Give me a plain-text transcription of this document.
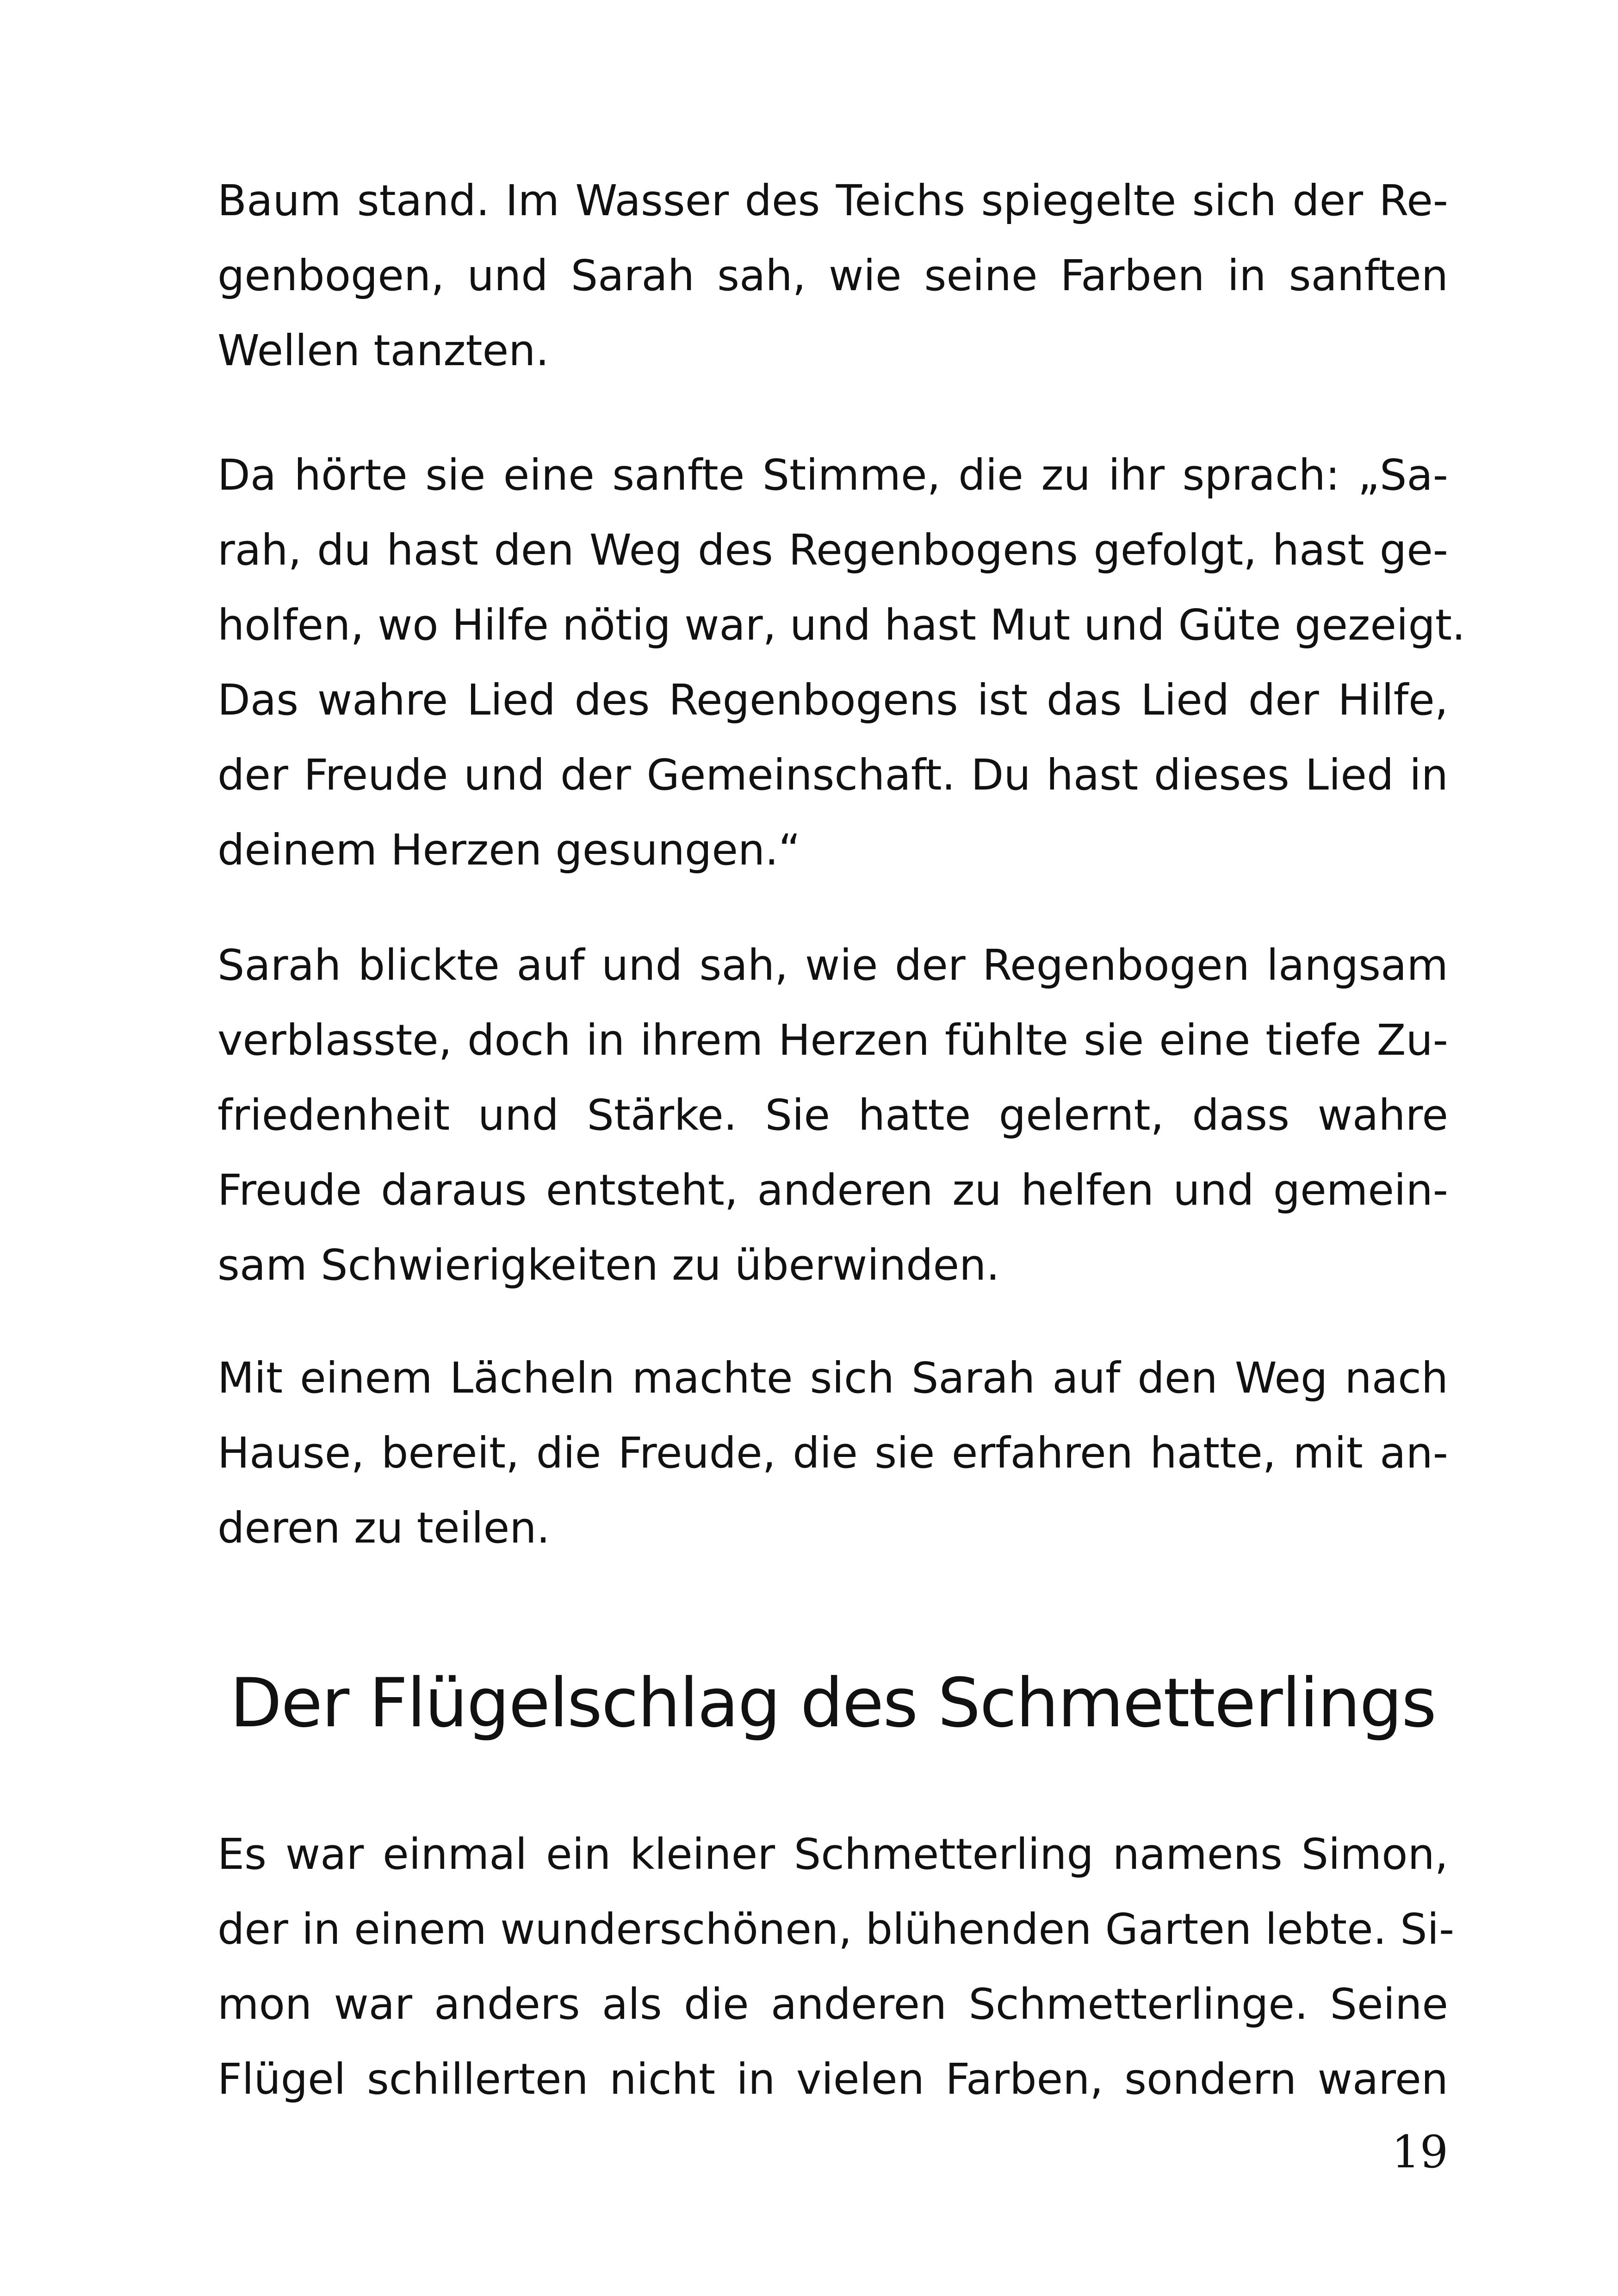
Baum stand. Im Wasser des Teichs spiegelte sich der Re-
genbogen, und Sarah sah, wie seine Farben in sanften
Wellen tanzten.
Da hörte sie eine sanfte Stimme, die zu ihr sprach: „Sa-
rah, du hast den Weg des Regenbogens gefolgt, hast ge-
holfen, wo Hilfe nötig war, und hast Mut und Güte gezeigt.
Das wahre Lied des Regenbogens ist das Lied der Hilfe,
der Freude und der Gemeinschaft. Du hast dieses Lied in
deinem Herzen gesungen.“
Sarah blickte auf und sah, wie der Regenbogen langsam
verblasste, doch in ihrem Herzen fühlte sie eine tiefe Zu-
friedenheit und Stärke. Sie hatte gelernt, dass wahre
Freude daraus entsteht, anderen zu helfen und gemein-
sam Schwierigkeiten zu überwinden.
Mit einem Lächeln machte sich Sarah auf den Weg nach
Hause, bereit, die Freude, die sie erfahren hatte, mit an-
deren zu teilen.
Der Flügelschlag des Schmetterlings
Es war einmal ein kleiner Schmetterling namens Simon,
der in einem wunderschönen, blühenden Garten lebte. Si-
mon war anders als die anderen Schmetterlinge. Seine
Flügel schillerten nicht in vielen Farben, sondern waren

19
